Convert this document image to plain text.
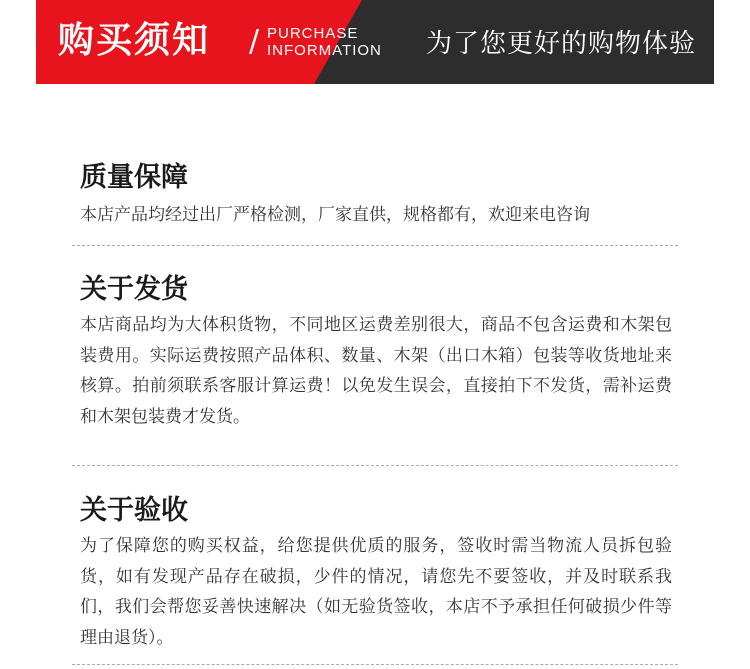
购买须知 / PURCHASE
INFORMATION 为了您更好的购物体验
质量保障

本店产品均经过出厂严格检测，厂家直供，规格都有，欢迎来电咨询

关于发货

本店商品均为大体积货物，不同地区运费差别很大，商品不包含运费和木架包装费用。实际运费按照产品体积、数量、木架（出口木箱）包装等收货地址来核算。拍前须联系客服计算运费！以免发生误会，直接拍下不发货，需补运费和木架包装费才发货。

关于验收

为了保障您的购买权益，给您提供优质的服务，签收时需当物流人员拆包验货，如有发现产品存在破损，少件的情况，请您先不要签收，并及时联系我们，我们会帮您妥善快速解决（如无验货签收，本店不予承担任何破损少件等理由退货）。
